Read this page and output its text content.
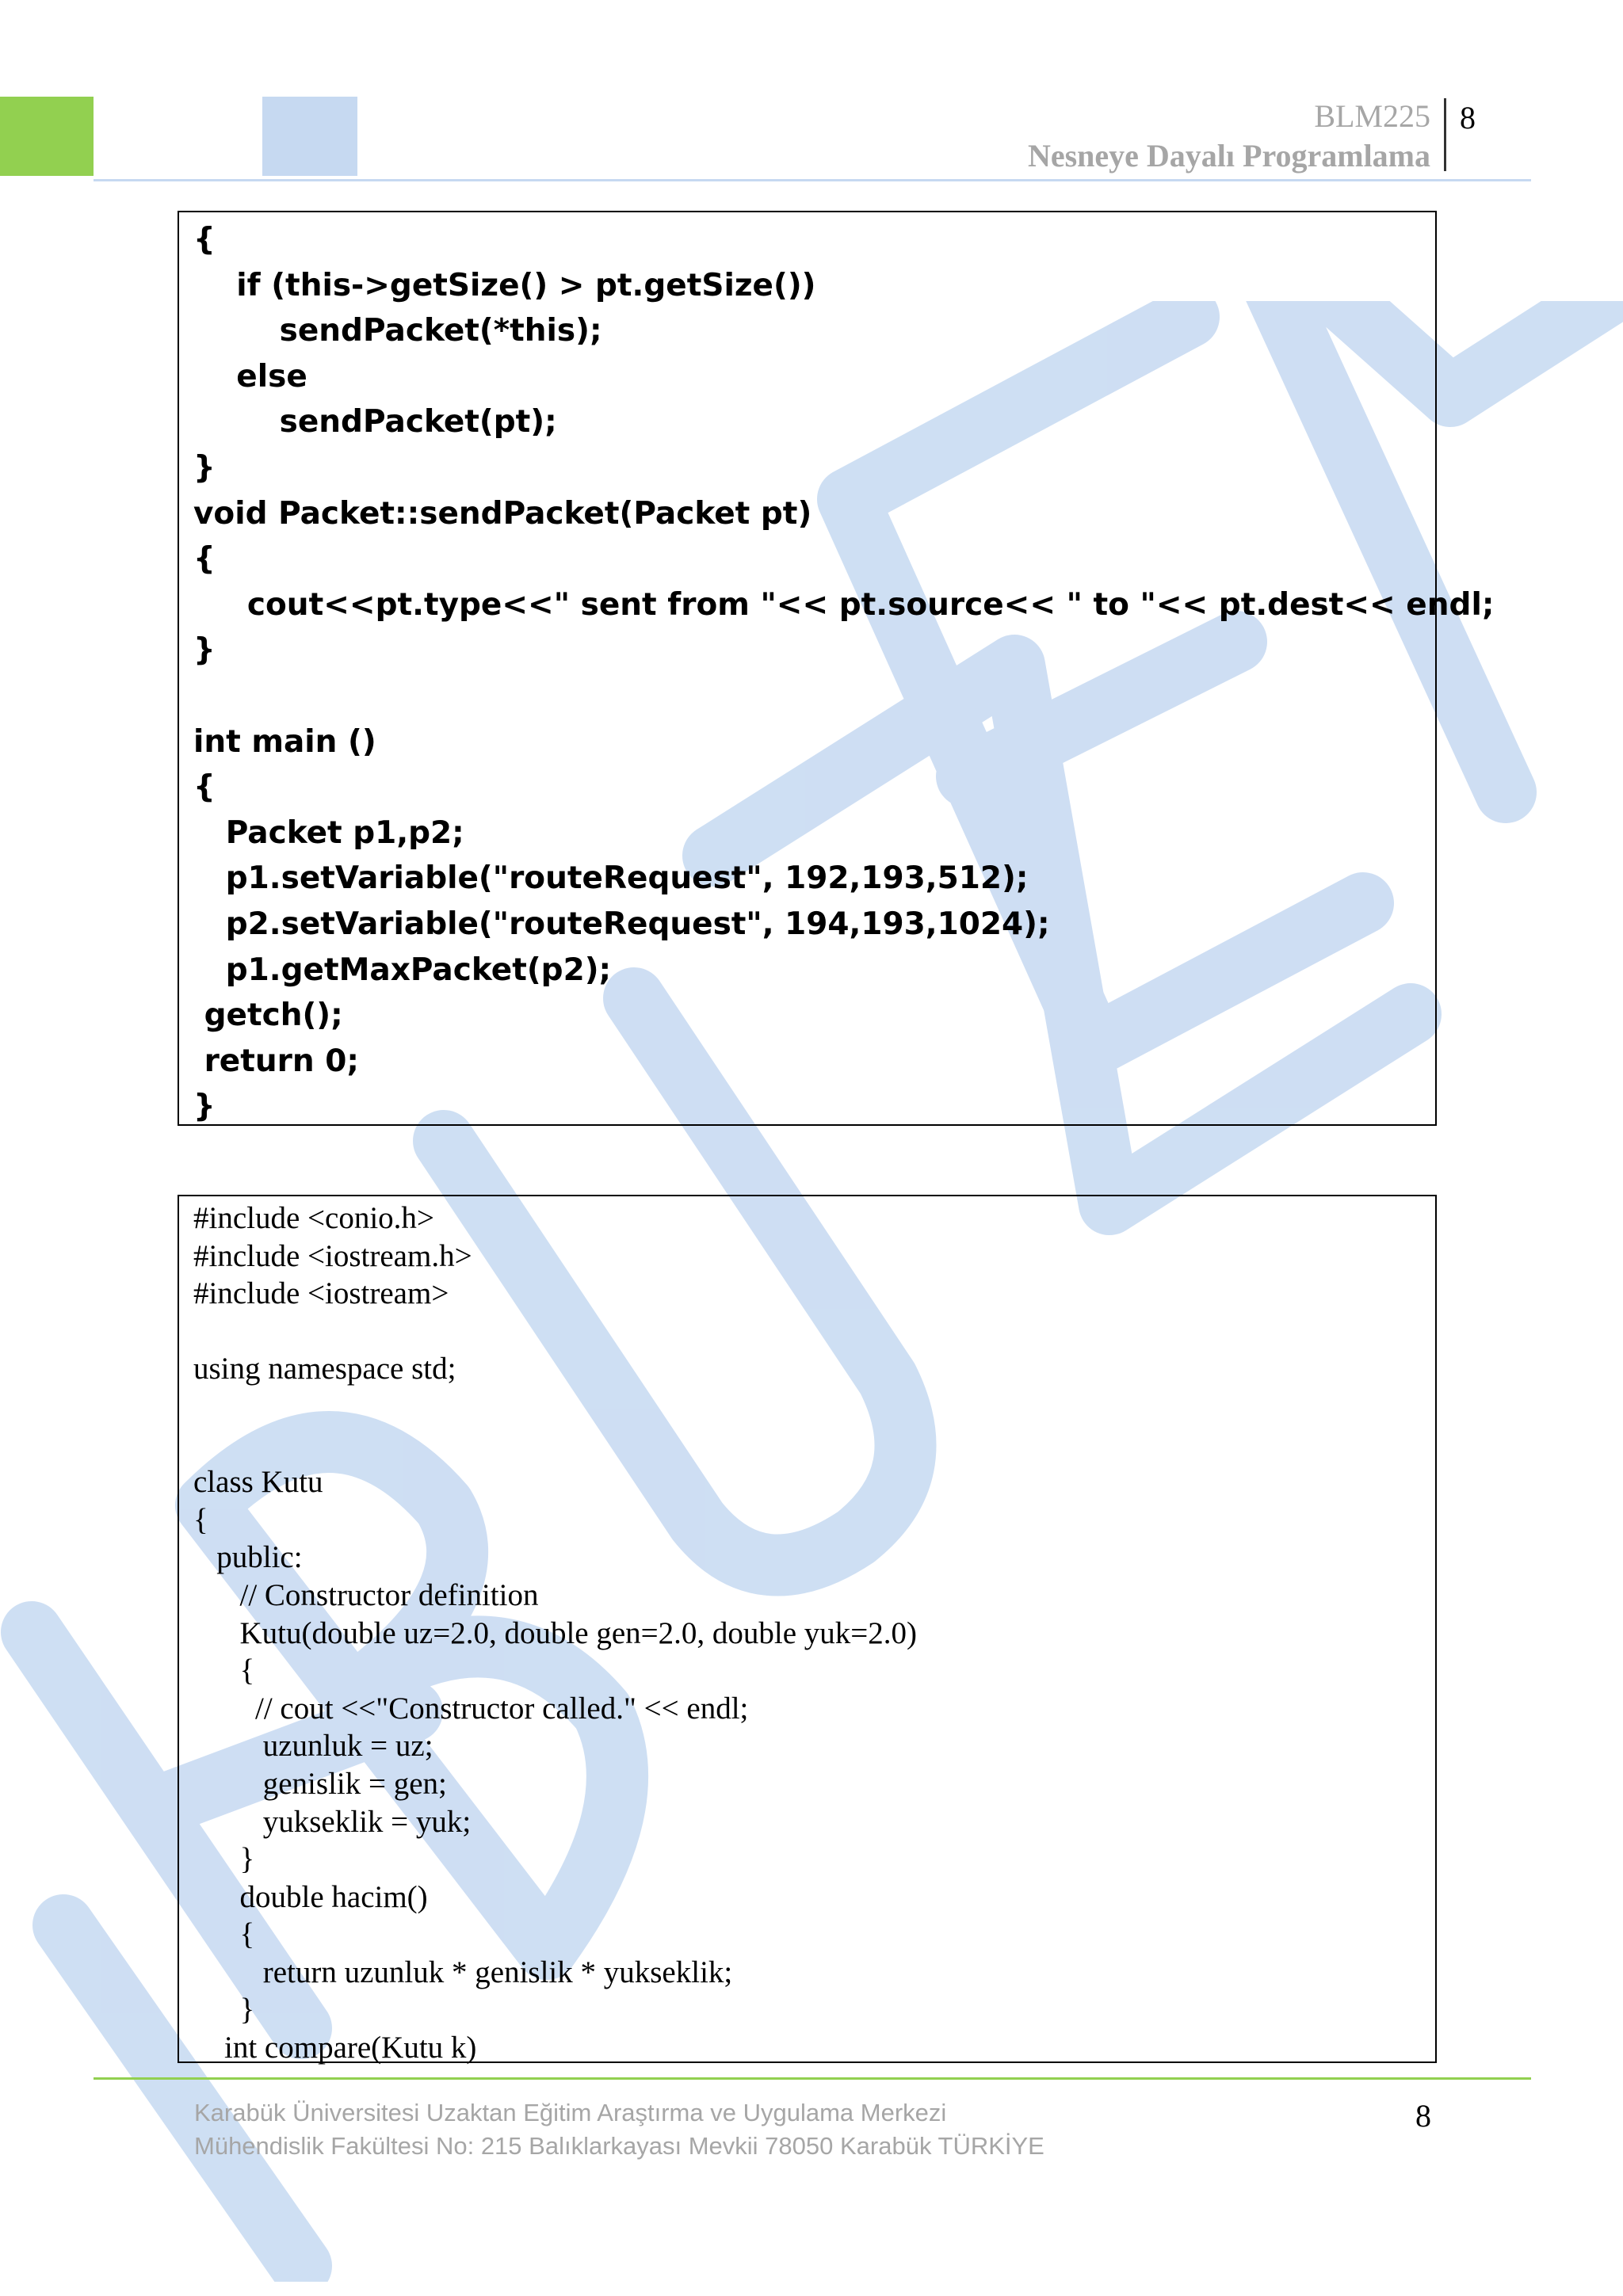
BLM225
Nesneye Dayalı Programlama
8
{
if (this->getSize() > pt.getSize())
sendPacket(*this);
else
sendPacket(pt);
}
void Packet::sendPacket(Packet pt)
{
cout<<pt.type<<" sent from "<< pt.source<< " to "<< pt.dest<< endl;
}
int main ()
{
Packet p1,p2;
p1.setVariable("routeRequest", 192,193,512);
p2.setVariable("routeRequest", 194,193,1024);
p1.getMaxPacket(p2);
getch();
return 0;
}
#include <conio.h>
#include <iostream.h>
#include <iostream>
using namespace std;
class Kutu
{
public:
// Constructor definition
Kutu(double uz=2.0, double gen=2.0, double yuk=2.0)
{
// cout <<"Constructor called." << endl;
uzunluk = uz;
genislik = gen;
yukseklik = yuk;
}
double hacim()
{
return uzunluk * genislik * yukseklik;
}
int compare(Kutu k)
Karabük Üniversitesi Uzaktan Eğitim Araştırma ve Uygulama Merkezi
Mühendislik Fakültesi No: 215 Balıklarkayası Mevkii 78050 Karabük TÜRKİYE
8
